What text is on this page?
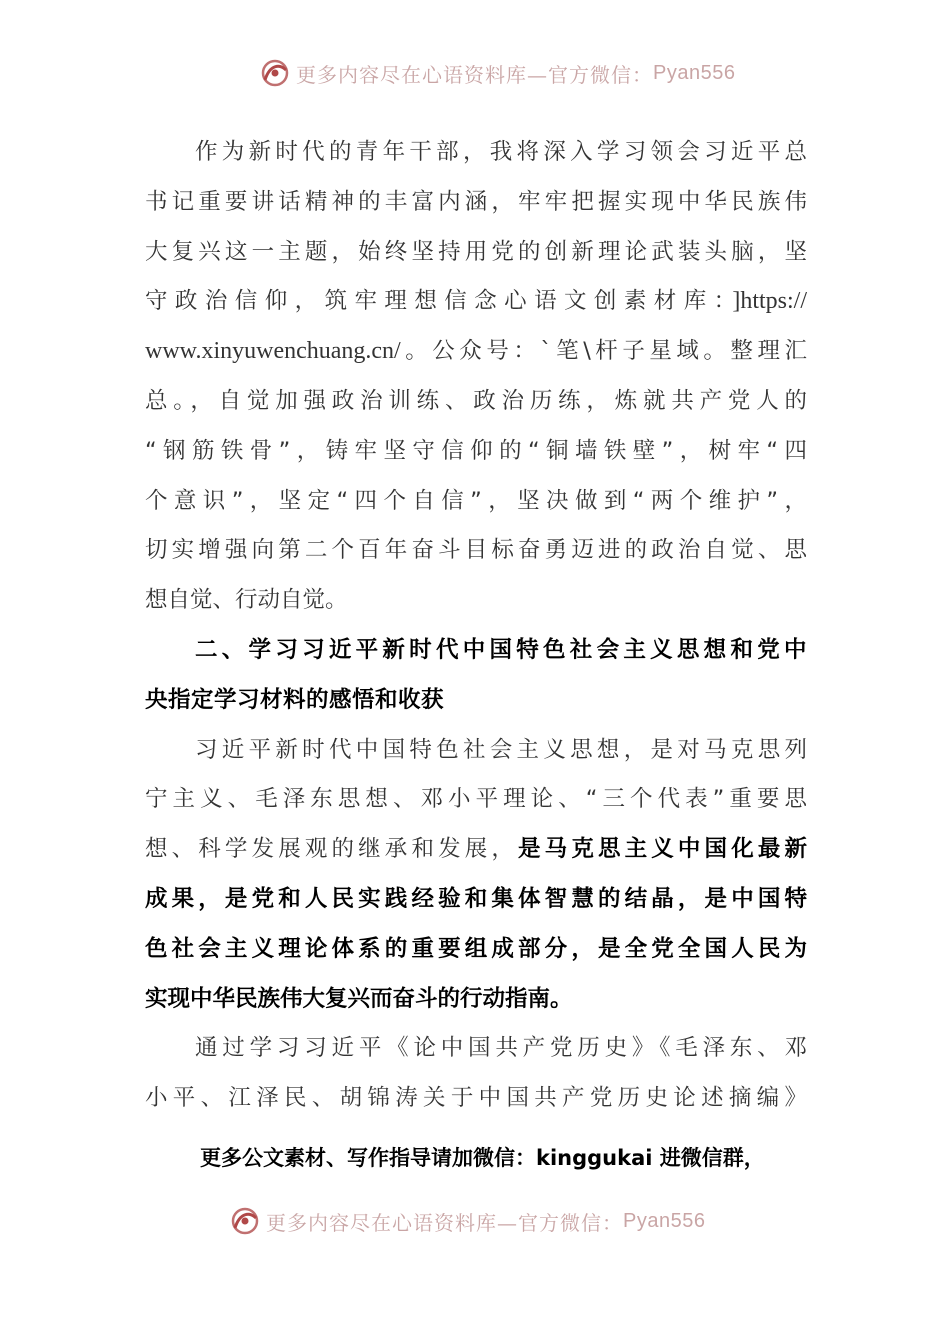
更多内容尽在心语资料库—官方微信： Pyan556
作为新时代的青年干部，我将深入学习领会习近平总
书记重要讲话精神的丰富内涵，牢牢把握实现中华民族伟
大复兴这一主题，始终坚持用党的创新理论武装头脑，坚
守政治信仰，筑牢理想信念心语文创素材库：]https://
www.xinyuwenchuang.cn/。公众号：`笔\杆子星域。整理汇
总。，自觉加强政治训练、政治历练，炼就共产党人的
“钢筋铁骨”，铸牢坚守信仰的“铜墙铁壁”，树牢“四
个意识”，坚定“四个自信”，坚决做到“两个维护”，
切实增强向第二个百年奋斗目标奋勇迈进的政治自觉、思
想自觉、行动自觉。
二、学习习近平新时代中国特色社会主义思想和党中
央指定学习材料的感悟和收获
习近平新时代中国特色社会主义思想，是对马克思列
宁主义、毛泽东思想、邓小平理论、“三个代表”重要思
想、科学发展观的继承和发展，是马克思主义中国化最新
成果，是党和人民实践经验和集体智慧的结晶，是中国特
色社会主义理论体系的重要组成部分，是全党全国人民为
实现中华民族伟大复兴而奋斗的行动指南。
通过学习习近平《论中国共产党历史》《毛泽东、邓
小平、江泽民、胡锦涛关于中国共产党历史论述摘编》
更多公文素材、写作指导请加微信：kinggukai 进微信群，
更多内容尽在心语资料库—官方微信： Pyan556
